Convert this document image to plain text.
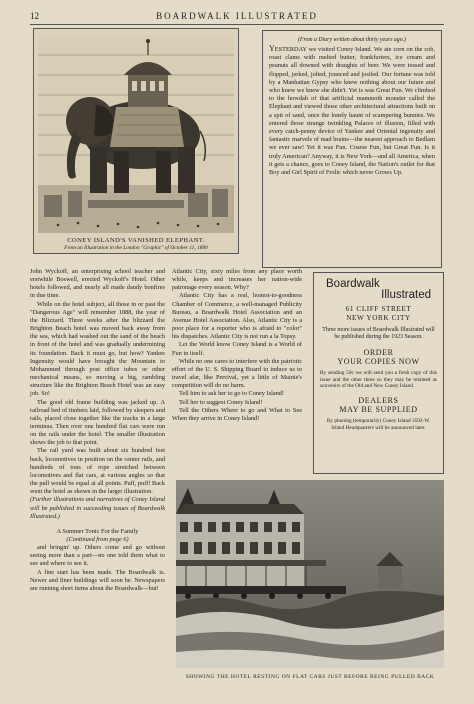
12	BOARDWALK ILLUSTRATED
CONEY ISLAND'S VANISHED ELEPHANT.
From an Illustration in the London "Graphic" of October 11, 1890
(From a Diary written about thirty years ago.)
YESTERDAY we visited Coney Island. We ate corn on the cob, roast clams with melted butter, frankfurters, ice cream and peanuts all downed with draughts of beer. We were tossed and flopped, jerked, jolted, jounced and jostled. Our fortune was told by a Manhattan Gypsy who knew nothing about our future and who knew we knew she didn't. Yet is was Great Fun. We climbed to the howdah of that artificial mammoth monster called the Elephant and viewed those other architectural attractions built on a spit of sand, once the lonely haunt of scampering bunnies. We entered those strange twinkling Palaces of illusion, filled with every catch-penny device of Yankee and Oriental ingenuity and fantastic marvels of mad brains—the nearest approach to Bedlam we ever saw! Yet it was Fun. Coarse Fun, but Great Fun. Is it truly American? Anyway, it is New York—and all America, when it gets a chance, goes to Coney Island, the Nation's outlet for that Boy and Girl Spirit of Frolic which never Grows Up.

John Wyckoff, an enterprising school teacher and erstwhile Boswell, erected Wyckoff's Hotel. Other hotels followed, and nearly all made dandy bonfires in due time.

While on the hotel subject, all those in or past the "Dangerous Age" will remember 1888, the year of the Blizzard. Three weeks after the blizzard the Brighton Beach hotel was moved back away from the sea, which had washed out the sand of the beach in front of the hotel and was gradually undermining its foundation. Back it must go, but how? Yankee Ingenuity would have brought the Mountain to Mohammed through post office tubes or other mechanical means, so moving a big, rambling structure like the Brighton Beach Hotel was an easy job. So!

The good old frame building was jacked up. A railroad bed of timbers laid, followed by sleepers and rails, placed close together like the tracks in a large terminus. Then over one hundred flat cars were run on the rails under the hotel. The smaller illustration shows the job to that point.

The rail yard was built about six hundred feet back, locomotives in position on the center rails, and hundreds of tons of rope stretched between locomotives and flat cars, at various angles so that the pull would be equal at all points. Puff, puff! Back went the hotel as shown in the larger illustration.

(Further illustrations and narratives of Coney Island will be published in succeeding issues of Boardwalk Illustrated.)

A Summer Tonic For the Family

(Continued from page 6)

and bringin' up. Others come and go without seeing more than a part—no one told them what to see and where to see it.

A fine start has been made. The Boardwalk is. Newer and finer buildings will soon be. Newspapers are running short items about the Boardwalk—but!

Atlantic City, sixty miles from any place worth while, keeps and increases her nation-wide patronage every season. Why?

Atlantic City has a real, honest-to-goodness Chamber of Commerce, a well-managed Publicity Bureau, a Boardwalk Hotel Association and an Avenue Hotel Association. Also, Atlantic City is a poor place for a reporter who is afraid to "color" his dispatches. Atlantic City is not run a la Topsy.

Let the World know Coney Island is a World of Fun in itself.

While no one cares to interfere with the patriotic effort of the U. S. Shipping Board to induce us to travel afar, like Percival, yet a little of Mainie's competition will do no harm.

Tell him to ask her to go to Coney Island!

Tell her to suggest Coney Island!

Tell the Others Where to go and What to See When they arrive in Coney Island!

Boardwalk
Illustrated
61 CLIFF STREET
NEW YORK CITY
Three more issues of Boardwalk Illustrated will be published during the 1923 Season.
ORDER
YOUR COPIES NOW
By sending 50c we will send you a fresh copy of this issue and the other three so they may be retained as souvenirs of the Old and New Coney Island.
DEALERS
MAY BE SUPPLIED
By phoning (temporarily) Coney Island 3592-W. Island Headquarters will be announced later.
SHOWING THE HOTEL RESTING ON FLAT CARS JUST BEFORE BEING PULLED BACK
